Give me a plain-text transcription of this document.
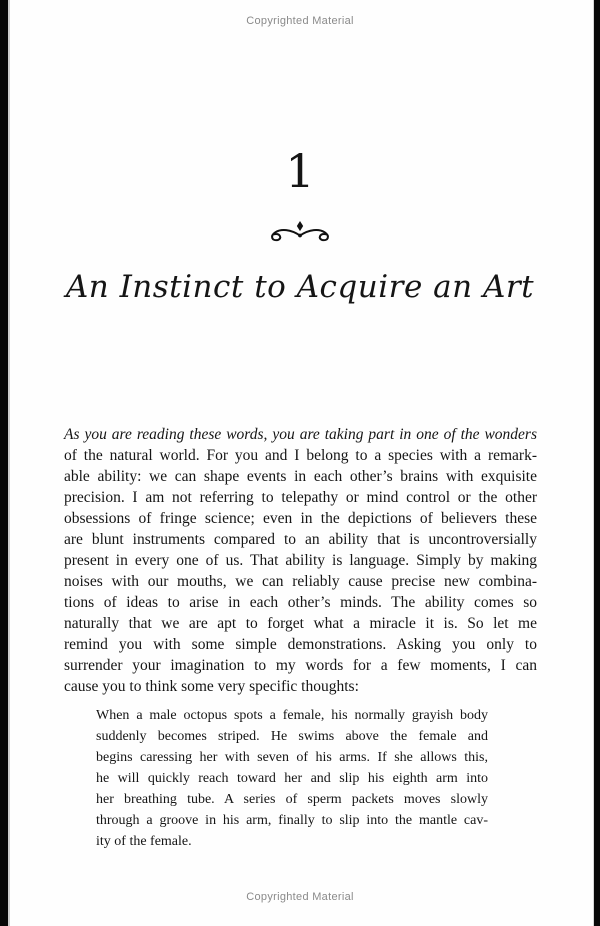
Copyrighted Material
1
An Instinct to Acquire an Art
As you are reading these words, you are taking part in one of the wonders
of the natural world. For you and I belong to a species with a remark-
able ability: we can shape events in each other’s brains with exquisite
precision. I am not referring to telepathy or mind control or the other
obsessions of fringe science; even in the depictions of believers these
are blunt instruments compared to an ability that is uncontroversially
present in every one of us. That ability is language. Simply by making
noises with our mouths, we can reliably cause precise new combina-
tions of ideas to arise in each other’s minds. The ability comes so
naturally that we are apt to forget what a miracle it is. So let me
remind you with some simple demonstrations. Asking you only to
surrender your imagination to my words for a few moments, I can
cause you to think some very specific thoughts:
When a male octopus spots a female, his normally grayish body
suddenly becomes striped. He swims above the female and
begins caressing her with seven of his arms. If she allows this,
he will quickly reach toward her and slip his eighth arm into
her breathing tube. A series of sperm packets moves slowly
through a groove in his arm, finally to slip into the mantle cav-
ity of the female.
Copyrighted Material
